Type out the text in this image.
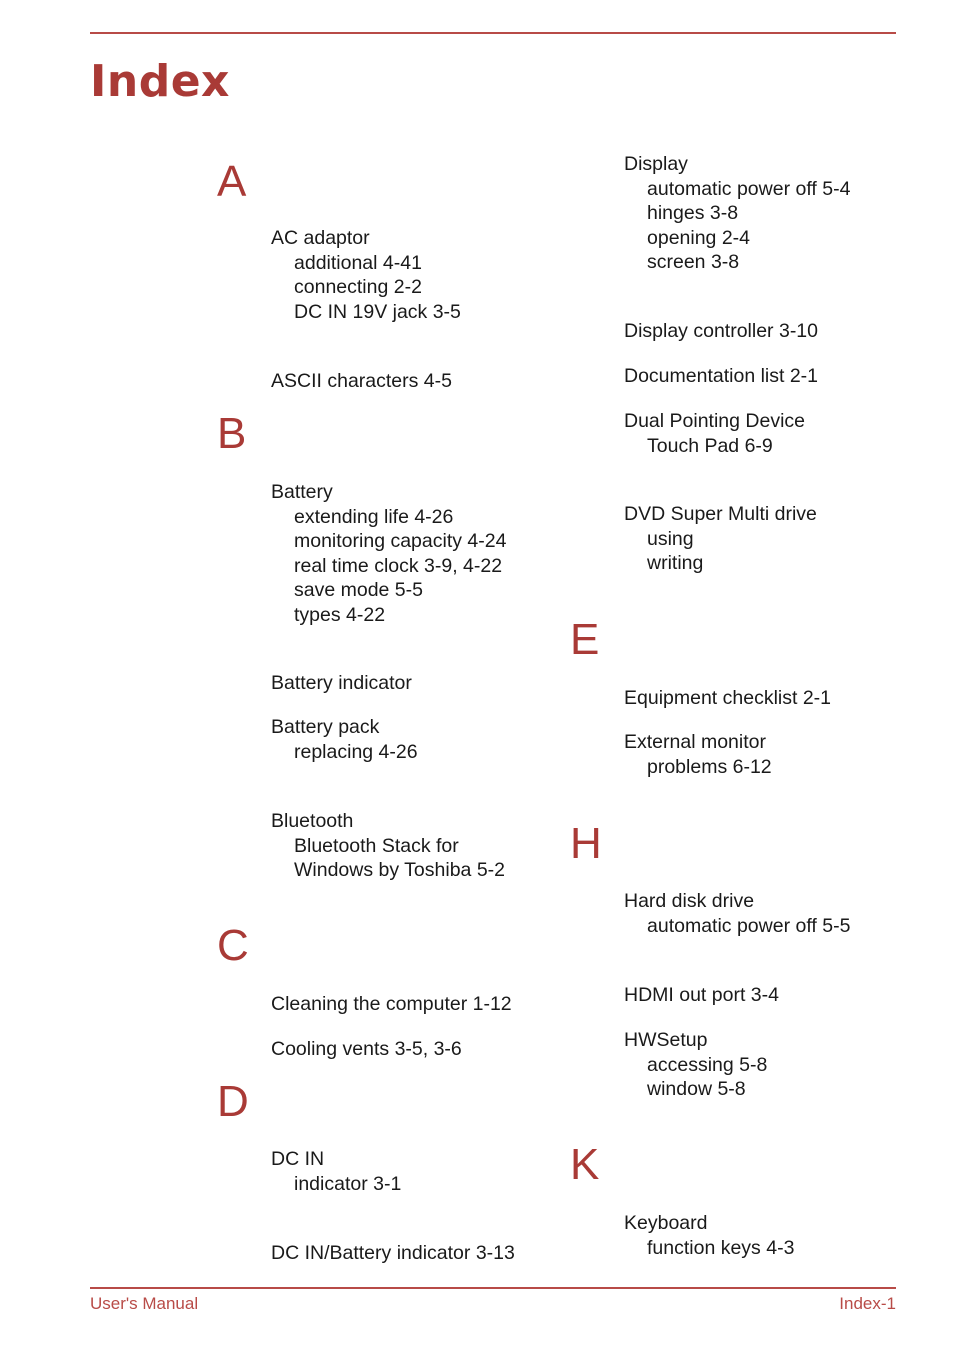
Index
A
B
C
D
AC adaptor
additional 4-41
connecting 2-2
DC IN 19V jack 3-5
ASCII characters 4-5
Battery
extending life 4-26
monitoring capacity 4-24
real time clock 3-9, 4-22
save mode 5-5
types 4-22
Battery indicator
Battery pack
replacing 4-26
Bluetooth
Bluetooth Stack for
Windows by Toshiba 5-2
Cleaning the computer 1-12
Cooling vents 3-5, 3-6
DC IN
indicator 3-1
DC IN/Battery indicator 3-13
E
H
K
Display
automatic power off 5-4
hinges 3-8
opening 2-4
screen 3-8
Display controller 3-10
Documentation list 2-1
Dual Pointing Device
Touch Pad 6-9
DVD Super Multi drive
using
writing
Equipment checklist 2-1
External monitor
problems 6-12
Hard disk drive
automatic power off 5-5
HDMI out port 3-4
HWSetup
accessing 5-8
window 5-8
Keyboard
function keys 4-3
User's Manual	Index-1
